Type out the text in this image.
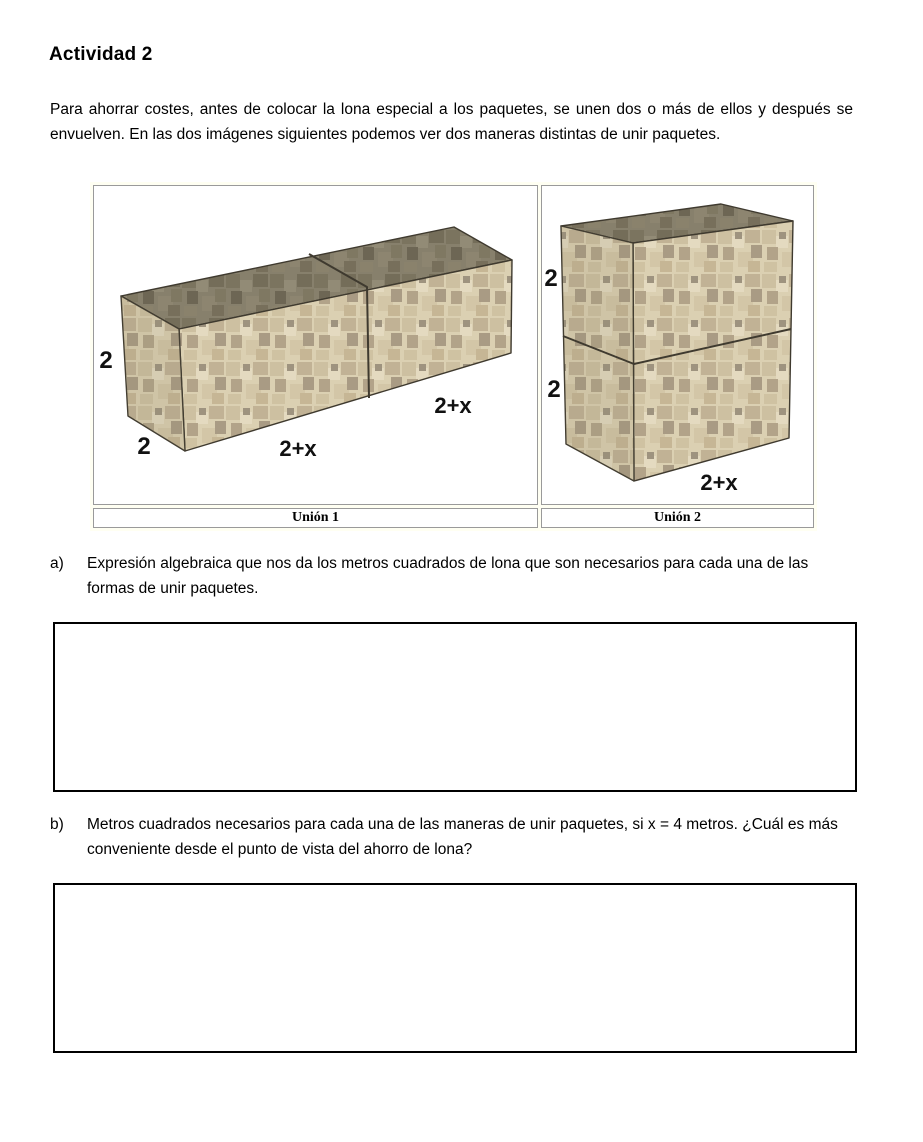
Actividad 2

Para ahorrar costes, antes de colocar la lona especial a los paquetes, se unen dos o más de ellos y después se envuelven. En las dos imágenes siguientes podemos ver dos maneras distintas de unir paquetes.

2
2	2+x
2+x
2
2
2+x
Unión 1	Unión 2
a)	Expresión algebraica que nos da los metros cuadrados de lona que son necesarios para cada una de las formas de unir paquetes.
b)	Metros cuadrados necesarios para cada una de las maneras de unir paquetes, si x = 4 metros. ¿Cuál es más conveniente desde el punto de vista del ahorro de lona?
